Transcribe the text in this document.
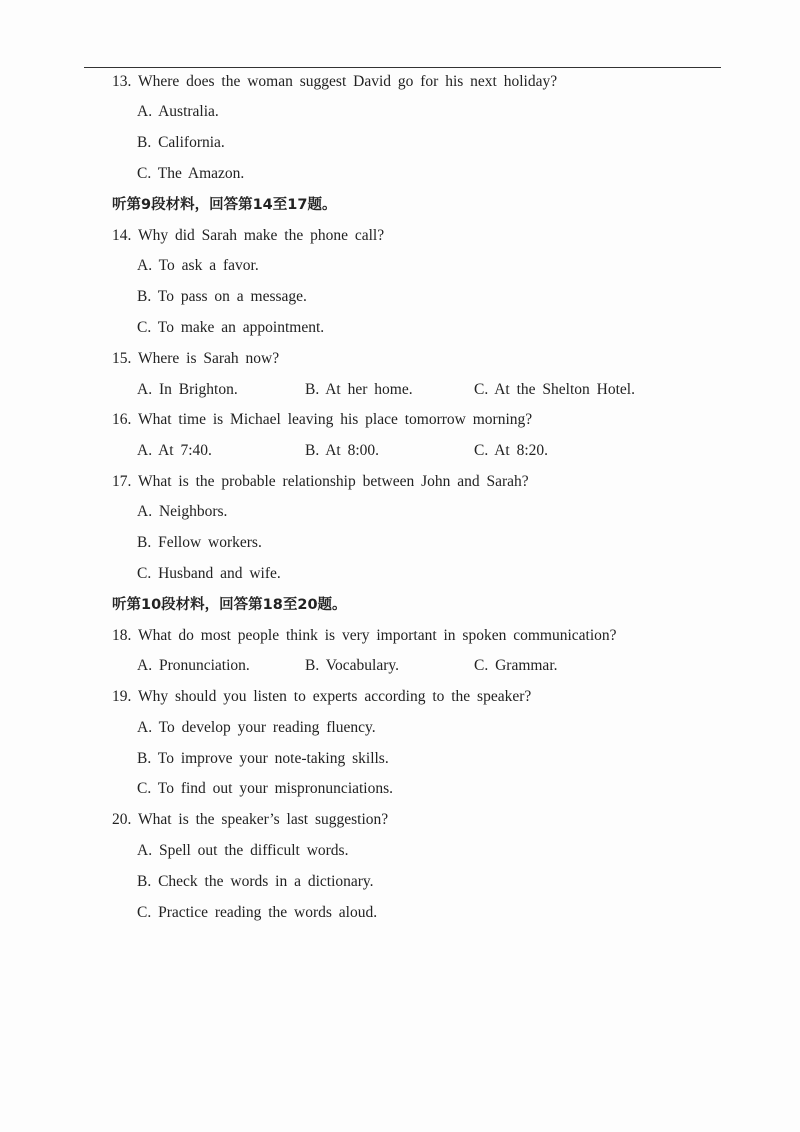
13. Where does the woman suggest David go for his next holiday?
A. Australia.
B. California.
C. The Amazon.
听第9段材料，回答第14至17题。
14. Why did Sarah make the phone call?
A. To ask a favor.
B. To pass on a message.
C. To make an appointment.
15. Where is Sarah now?
A. In Brighton.	B. At her home.	C. At the Shelton Hotel.
16. What time is Michael leaving his place tomorrow morning?
A. At 7:40.	B. At 8:00.	C. At 8:20.
17. What is the probable relationship between John and Sarah?
A. Neighbors.
B. Fellow workers.
C. Husband and wife.
听第10段材料，回答第18至20题。
18. What do most people think is very important in spoken communication?
A. Pronunciation.	B. Vocabulary.	C. Grammar.
19. Why should you listen to experts according to the speaker?
A. To develop your reading fluency.
B. To improve your note-taking skills.
C. To find out your mispronunciations.
20. What is the speaker’s last suggestion?
A. Spell out the difficult words.
B. Check the words in a dictionary.
C. Practice reading the words aloud.
